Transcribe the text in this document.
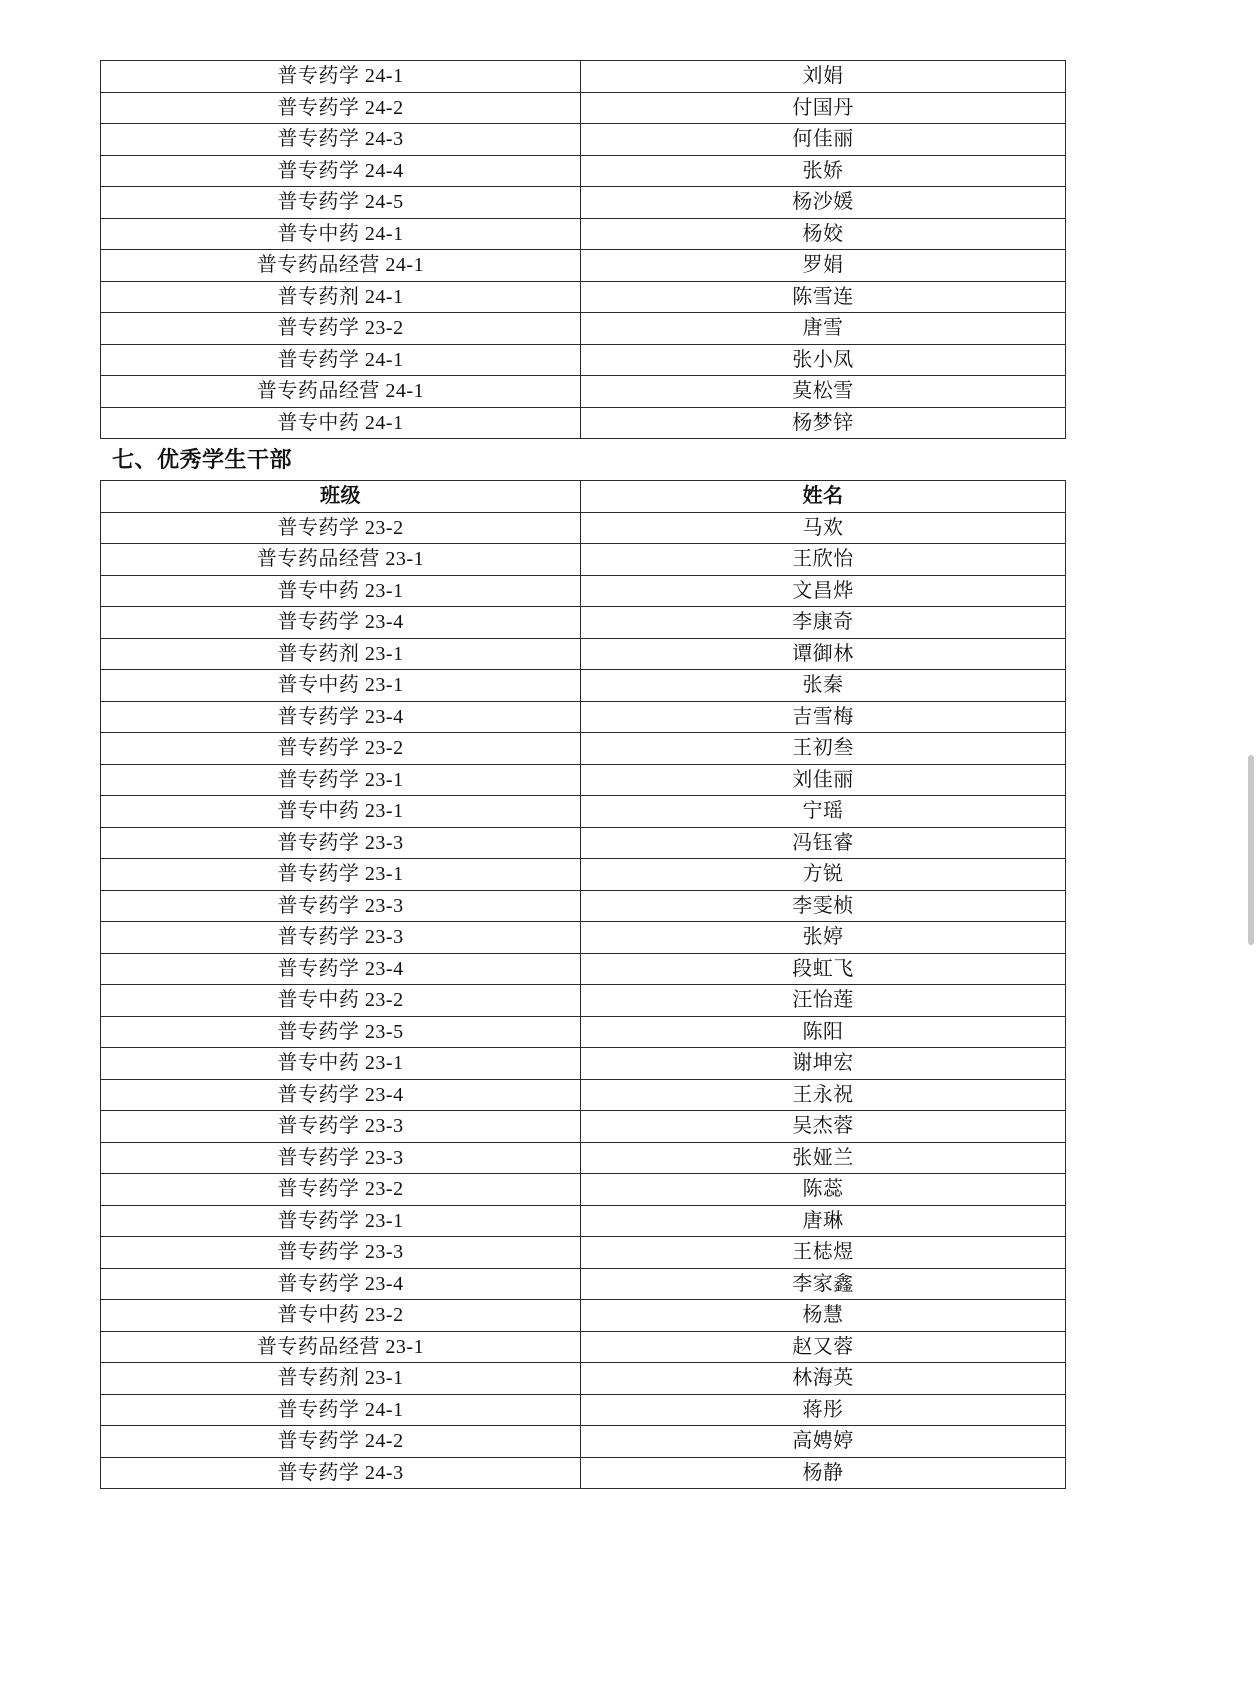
普专药学 24-1	刘娟
普专药学 24-2	付国丹
普专药学 24-3	何佳丽
普专药学 24-4	张娇
普专药学 24-5	杨沙媛
普专中药 24-1	杨姣
普专药品经营 24-1	罗娟
普专药剂 24-1	陈雪连
普专药学 23-2	唐雪
普专药学 24-1	张小凤
普专药品经营 24-1	莫松雪
普专中药 24-1	杨梦锌
七、优秀学生干部
班级	姓名
普专药学 23-2	马欢
普专药品经营 23-1	王欣怡
普专中药 23-1	文昌烨
普专药学 23-4	李康奇
普专药剂 23-1	谭御林
普专中药 23-1	张秦
普专药学 23-4	吉雪梅
普专药学 23-2	王初叁
普专药学 23-1	刘佳丽
普专中药 23-1	宁瑶
普专药学 23-3	冯钰睿
普专药学 23-1	方锐
普专药学 23-3	李雯桢
普专药学 23-3	张婷
普专药学 23-4	段虹飞
普专中药 23-2	汪怡莲
普专药学 23-5	陈阳
普专中药 23-1	谢坤宏
普专药学 23-4	王永祝
普专药学 23-3	吴杰蓉
普专药学 23-3	张娅兰
普专药学 23-2	陈蕊
普专药学 23-1	唐琳
普专药学 23-3	王梽煜
普专药学 23-4	李家鑫
普专中药 23-2	杨慧
普专药品经营 23-1	赵又蓉
普专药剂 23-1	林海英
普专药学 24-1	蒋彤
普专药学 24-2	高娉婷
普专药学 24-3	杨静
